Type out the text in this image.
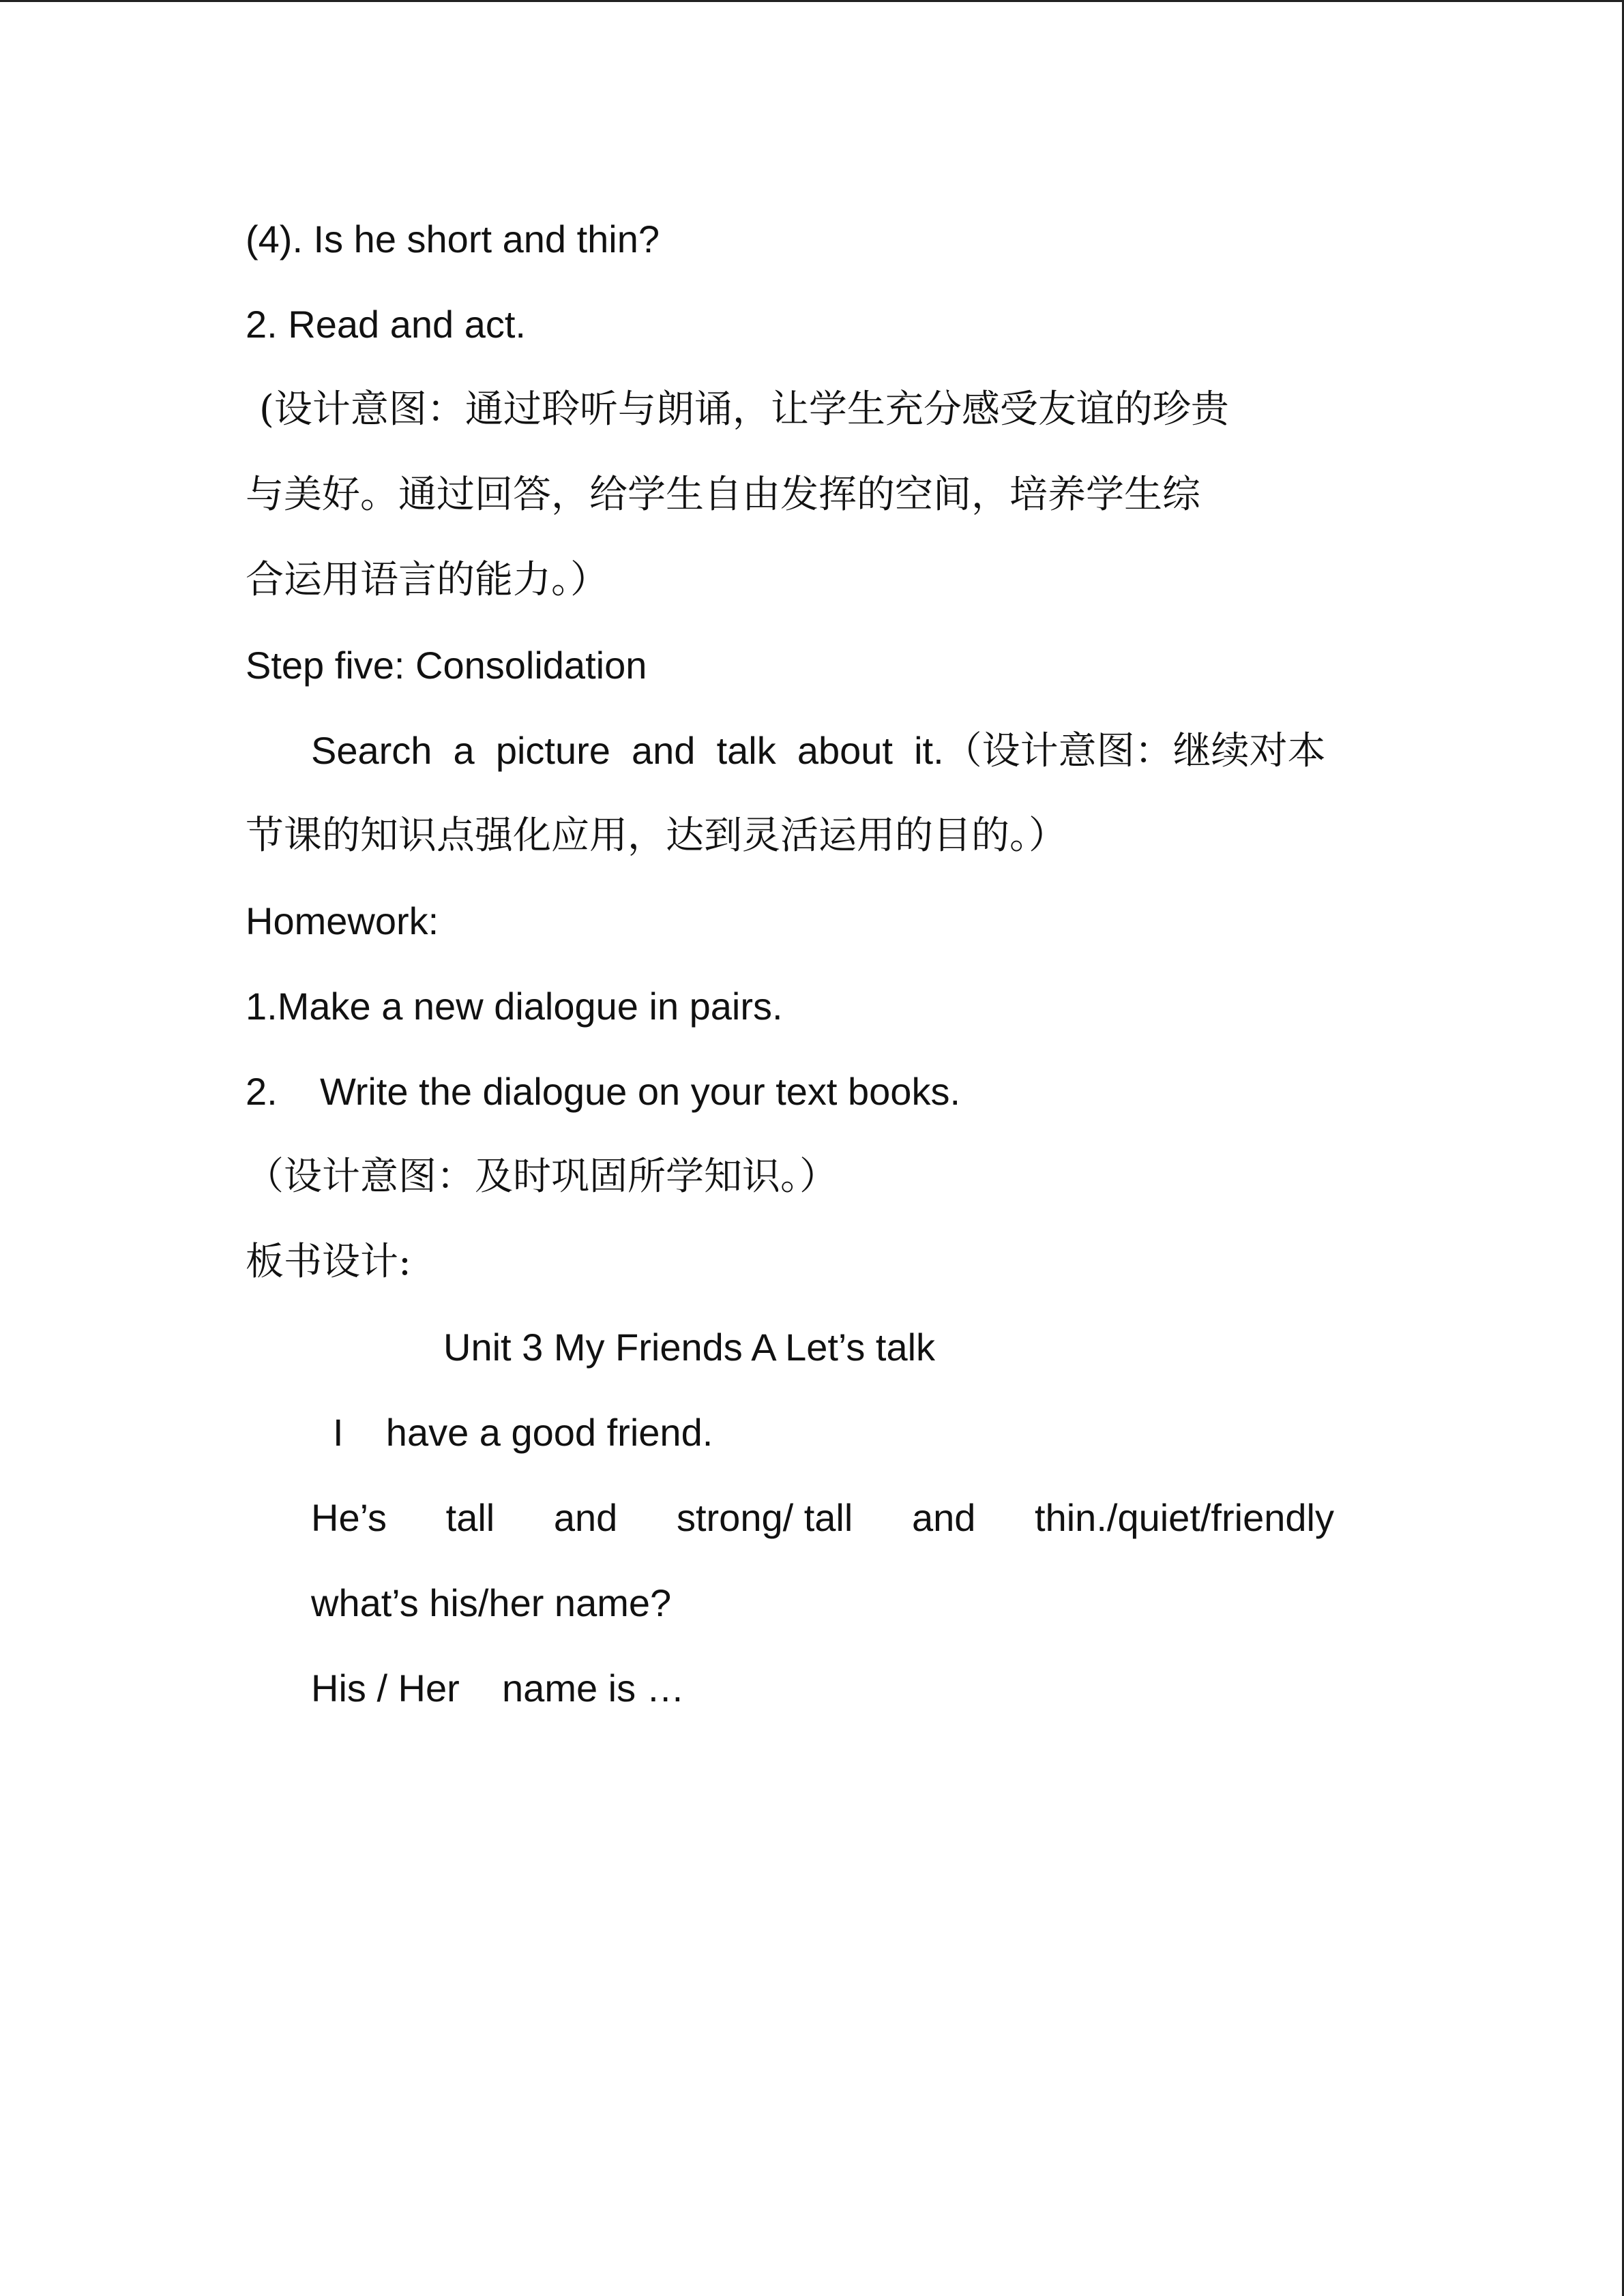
(4). Is he short and thin?
2. Read and act.
(设计意图：通过聆听与朗诵，让学生充分感受友谊的珍贵
与美好。通过回答，给学生自由发挥的空间，培养学生综
合运用语言的能力。）
Step five: Consolidation
Search  a  picture  and  talk  about  it.（设计意图：继续对本
节课的知识点强化应用，达到灵活运用的目的。）
Homework:
1.Make a new dialogue in pairs.
2.    Write the dialogue on your text books.
（设计意图：及时巩固所学知识。）
板书设计:
Unit 3 My Friends A Let’s talk
I    have a good friend.
He’s tall and strong/ tall and thin./quiet/friendly
what’s his/her name?
His / Her    name is …
